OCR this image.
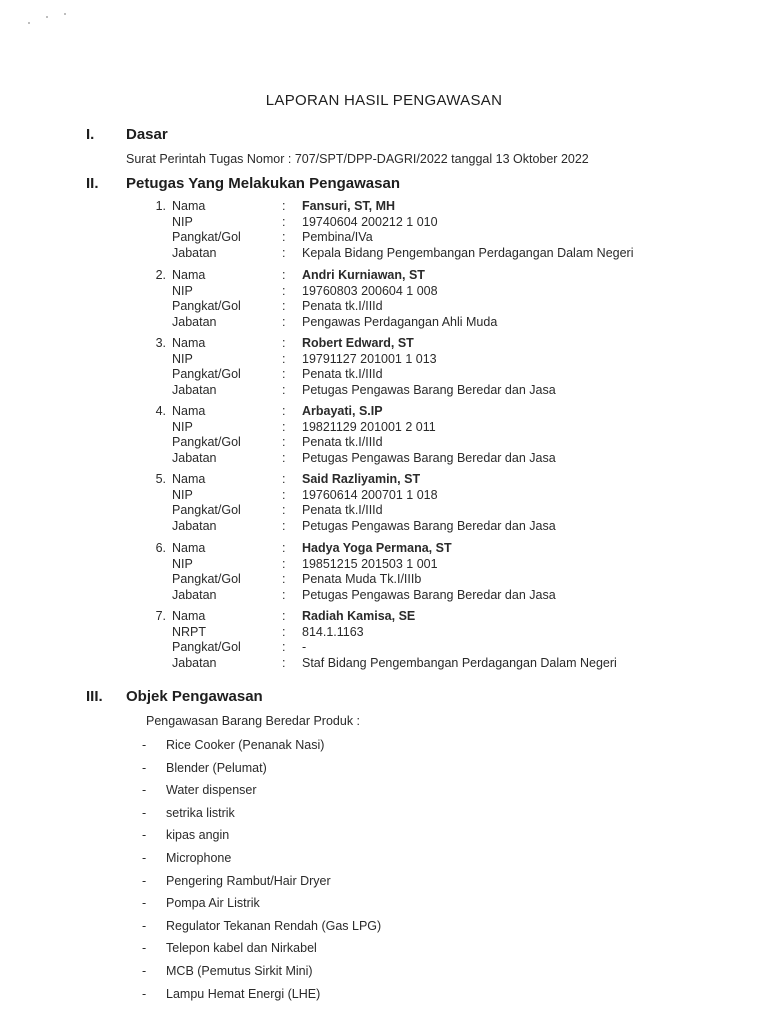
LAPORAN HASIL PENGAWASAN
I. Dasar
Surat Perintah Tugas Nomor : 707/SPT/DPP-DAGRI/2022 tanggal 13 Oktober 2022
II. Petugas Yang Melakukan Pengawasan
1. Nama	: Fansuri, ST, MH
NIP	: 19740604 200212 1 010
Pangkat/Gol	: Pembina/IVa
Jabatan	: Kepala Bidang Pengembangan Perdagangan Dalam Negeri
2. Nama	: Andri Kurniawan, ST
NIP	: 19760803 200604 1 008
Pangkat/Gol	: Penata tk.I/IIId
Jabatan	: Pengawas Perdagangan Ahli Muda
3. Nama	: Robert Edward, ST
NIP	: 19791127 201001 1 013
Pangkat/Gol	: Penata tk.I/IIId
Jabatan	: Petugas Pengawas Barang Beredar dan Jasa
4. Nama	: Arbayati, S.IP
NIP	: 19821129 201001 2 011
Pangkat/Gol	: Penata tk.I/IIId
Jabatan	: Petugas Pengawas Barang Beredar dan Jasa
5. Nama	: Said Razliyamin, ST
NIP	: 19760614 200701 1 018
Pangkat/Gol	: Penata tk.I/IIId
Jabatan	: Petugas Pengawas Barang Beredar dan Jasa
6. Nama	: Hadya Yoga Permana, ST
NIP	: 19851215 201503 1 001
Pangkat/Gol	: Penata Muda Tk.I/IIIb
Jabatan	: Petugas Pengawas Barang Beredar dan Jasa
7. Nama	: Radiah Kamisa, SE
NRPT	: 814.1.1163
Pangkat/Gol	: -
Jabatan	: Staf Bidang Pengembangan Perdagangan Dalam Negeri
III. Objek Pengawasan
Pengawasan Barang Beredar Produk :
- Rice Cooker (Penanak Nasi)
- Blender (Pelumat)
- Water dispenser
- setrika listrik
- kipas angin
- Microphone
- Pengering Rambut/Hair Dryer
- Pompa Air Listrik
- Regulator Tekanan Rendah (Gas LPG)
- Telepon kabel dan Nirkabel
- MCB (Pemutus Sirkit Mini)
- Lampu Hemat Energi (LHE)
